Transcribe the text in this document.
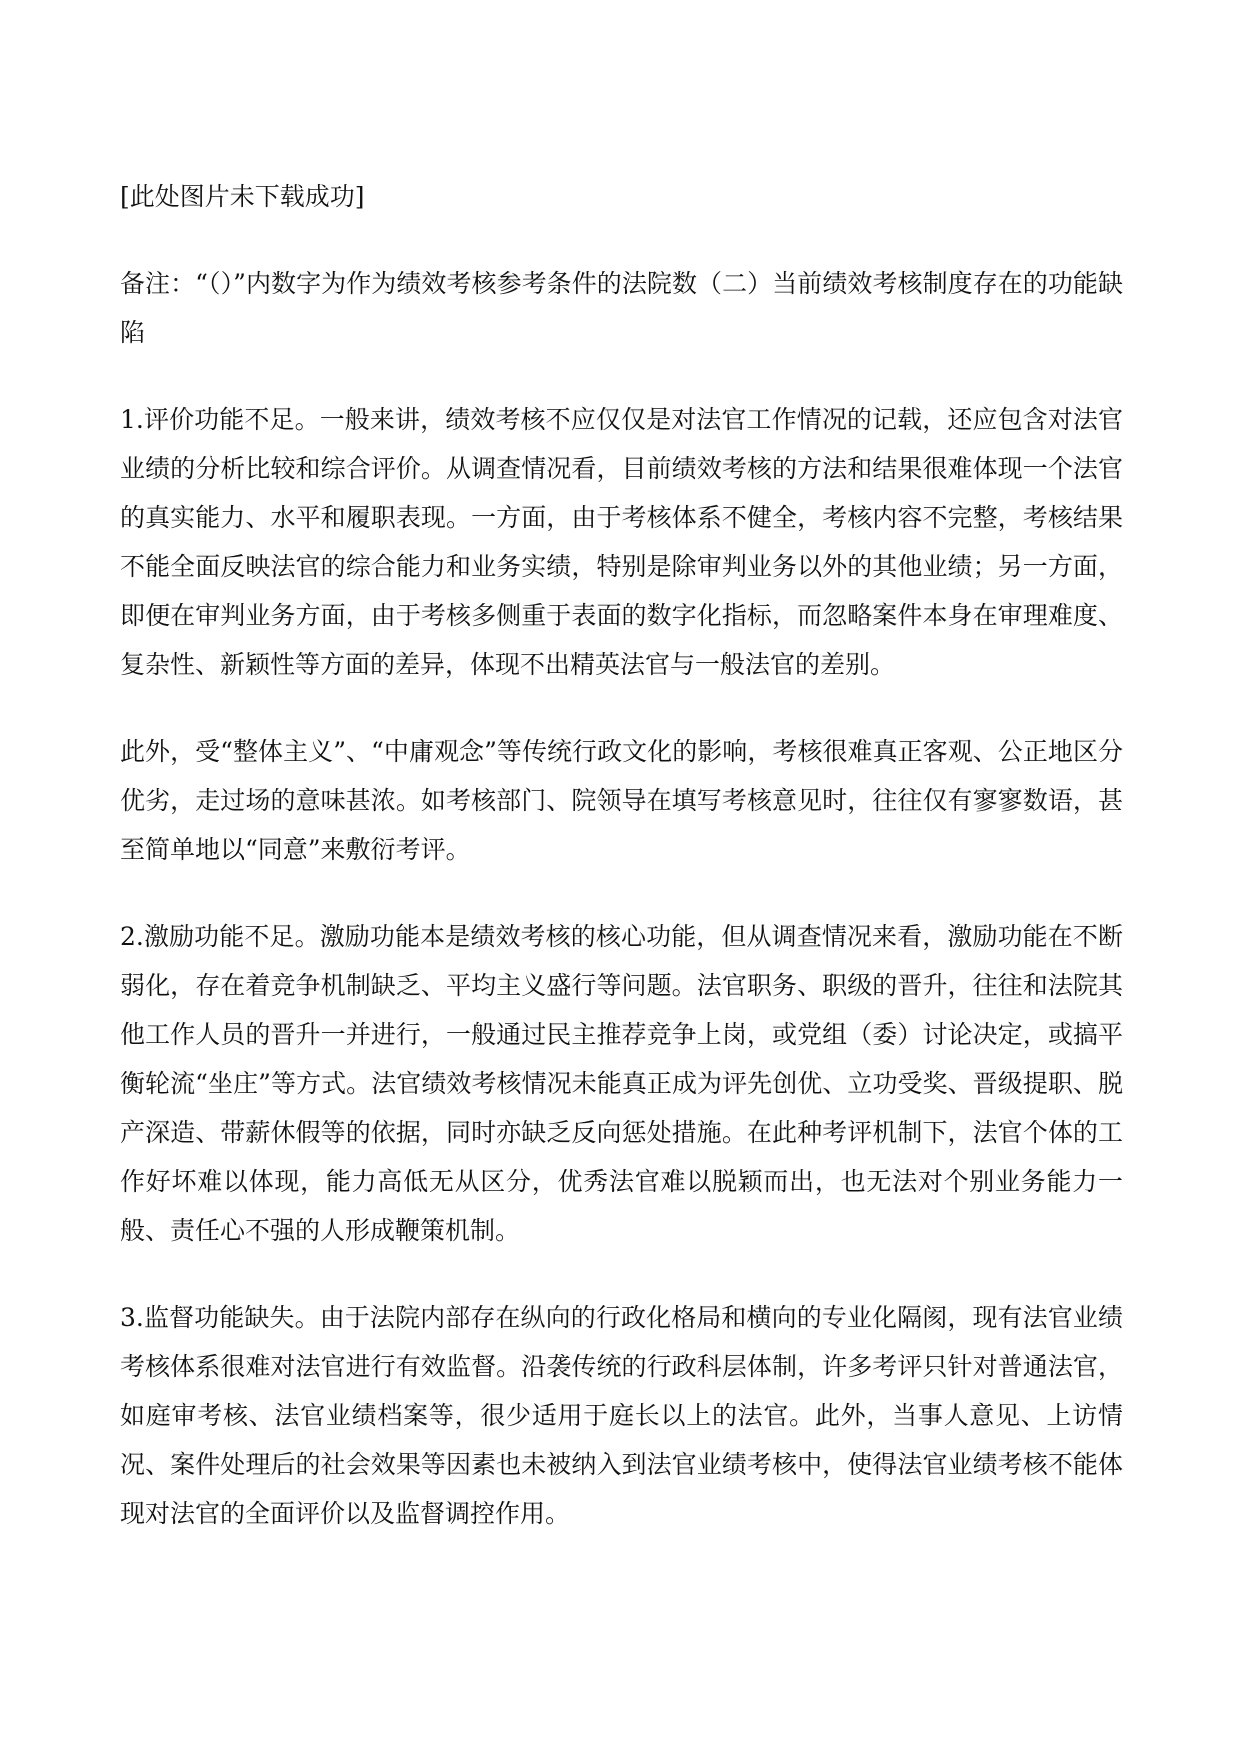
[此处图片未下载成功]

备注：“（）”内数字为作为绩效考核参考条件的法院数（二）当前绩效考核制度存在的功能缺陷

1.评价功能不足。一般来讲，绩效考核不应仅仅是对法官工作情况的记载，还应包含对法官业绩的分析比较和综合评价。从调查情况看，目前绩效考核的方法和结果很难体现一个法官的真实能力、水平和履职表现。一方面，由于考核体系不健全，考核内容不完整，考核结果不能全面反映法官的综合能力和业务实绩，特别是除审判业务以外的其他业绩；另一方面，即便在审判业务方面，由于考核多侧重于表面的数字化指标，而忽略案件本身在审理难度、复杂性、新颖性等方面的差异，体现不出精英法官与一般法官的差别。

此外，受“整体主义”、“中庸观念”等传统行政文化的影响，考核很难真正客观、公正地区分优劣，走过场的意味甚浓。如考核部门、院领导在填写考核意见时，往往仅有寥寥数语，甚至简单地以“同意”来敷衍考评。

2.激励功能不足。激励功能本是绩效考核的核心功能，但从调查情况来看，激励功能在不断弱化，存在着竞争机制缺乏、平均主义盛行等问题。法官职务、职级的晋升，往往和法院其他工作人员的晋升一并进行，一般通过民主推荐竞争上岗，或党组（委）讨论决定，或搞平衡轮流“坐庄”等方式。法官绩效考核情况未能真正成为评先创优、立功受奖、晋级提职、脱产深造、带薪休假等的依据，同时亦缺乏反向惩处措施。在此种考评机制下，法官个体的工作好坏难以体现，能力高低无从区分，优秀法官难以脱颖而出，也无法对个别业务能力一般、责任心不强的人形成鞭策机制。

3.监督功能缺失。由于法院内部存在纵向的行政化格局和横向的专业化隔阂，现有法官业绩考核体系很难对法官进行有效监督。沿袭传统的行政科层体制，许多考评只针对普通法官，如庭审考核、法官业绩档案等，很少适用于庭长以上的法官。此外，当事人意见、上访情况、案件处理后的社会效果等因素也未被纳入到法官业绩考核中，使得法官业绩考核不能体现对法官的全面评价以及监督调控作用。
